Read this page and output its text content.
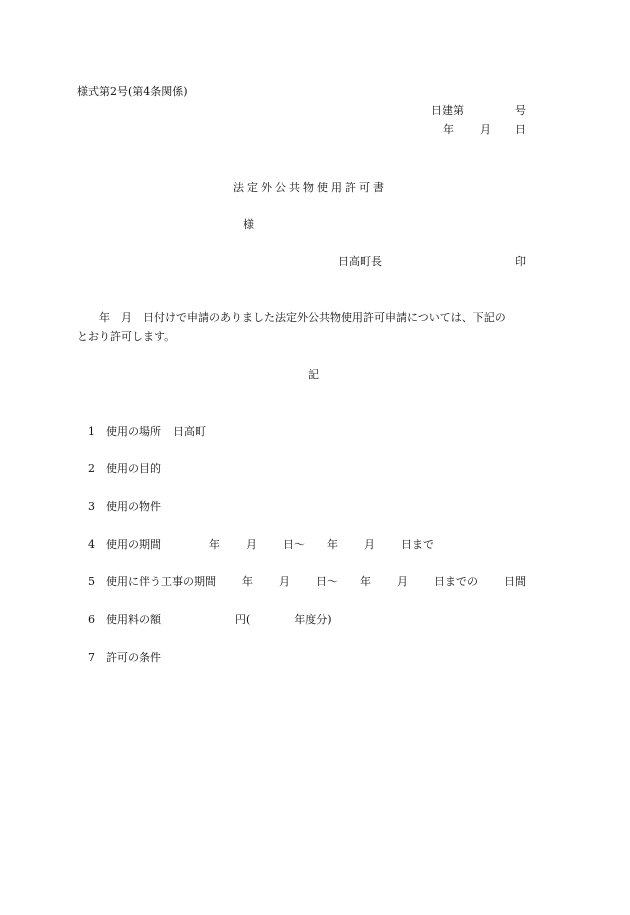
様式第2号(第4条関係)
日建第	号
年 月 日
法定外公共物使用許可書
様
日高町長	印
年　月　日付けで申請のありました法定外公共物使用許可申請については、下記の
とおり許可します。
記
1 使用の場所 日高町
2 使用の目的
3 使用の物件
4 使用の期間	年 月 日～ 年 月 日まで
5 使用に伴う工事の期間 年 月 日～ 年 月 日までの 日間
6 使用料の額	円(	年度分)
7 許可の条件
